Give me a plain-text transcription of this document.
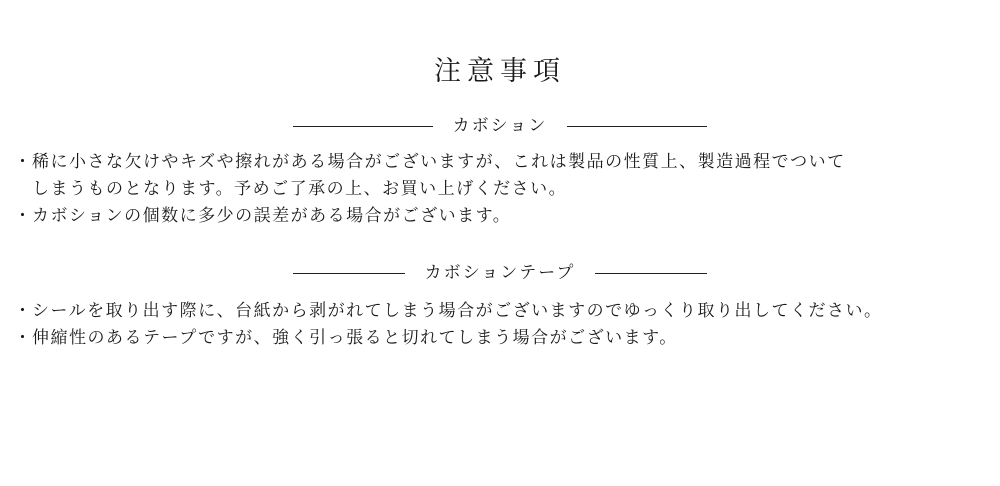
注意事項
カボション
・ 稀に小さな欠けやキズや擦れがある場合がございますが、これは製品の性質上、製造過程でついて
しまうものとなります。予めご了承の上、お買い上げください。
・ カボションの個数に多少の誤差がある場合がございます。
カボションテープ
・ シールを取り出す際に、台紙から剥がれてしまう場合がございますのでゆっくり取り出してください。
・ 伸縮性のあるテープですが、強く引っ張ると切れてしまう場合がございます。
